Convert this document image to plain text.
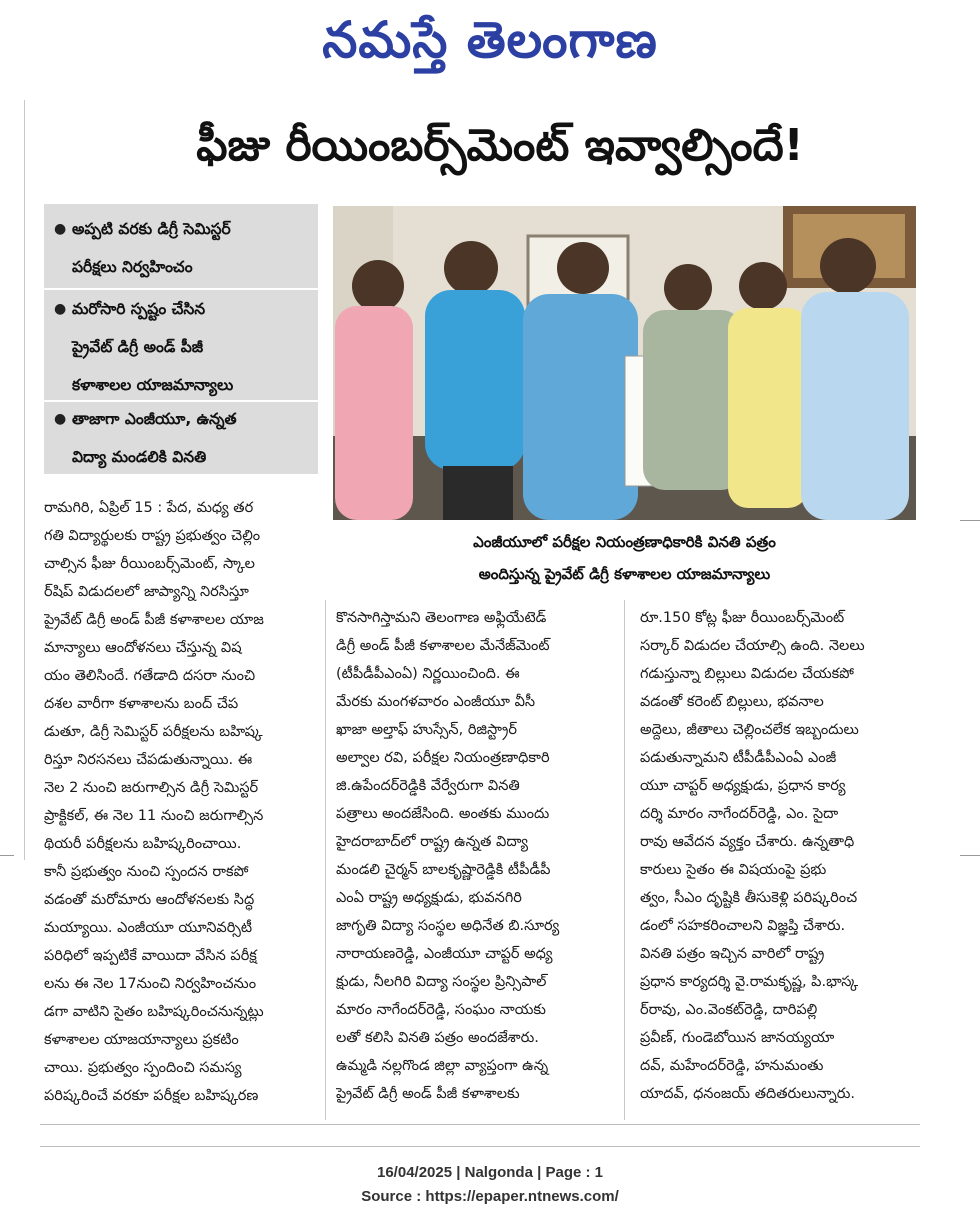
నమస్తే తెలంగాణ
ఫీజు రీయింబర్స్‌మెంట్ ఇవ్వాల్సిందే!
● అప్పటి వరకు డిగ్రీ సెమిస్టర్
పరీక్షలు నిర్వహించం
● మరోసారి స్పష్టం చేసిన
ప్రైవేట్ డిగ్రీ అండ్ పీజీ
కళాశాలల యాజమాన్యాలు
● తాజాగా ఎంజీయూ, ఉన్నత
విద్యా మండలికి వినతి
ఎంజీయూలో పరీక్షల నియంత్రణాధికారికి వినతి పత్రం
అందిస్తున్న ప్రైవేట్ డిగ్రీ కళాశాలల యాజమాన్యాలు
రామగిరి, ఏప్రిల్ 15 : పేద, మధ్య తర
గతి విద్యార్థులకు రాష్ట్ర ప్రభుత్వం చెల్లిం
చాల్సిన ఫీజు రీయింబర్స్‌మెంట్, స్కాల
ర్‌షిప్ విడుదలలో జాప్యాన్ని నిరసిస్తూ
ప్రైవేట్ డిగ్రీ అండ్ పీజీ కళాశాలల యాజ
మాన్యాలు ఆందోళనలు చేస్తున్న విష
యం తెలిసిందే. గతేడాది దసరా నుంచి
దశల వారీగా కళాశాలను బంద్ చేప
డుతూ, డిగ్రీ సెమిస్టర్ పరీక్షలను బహిష్క
రిస్తూ నిరసనలు చేపడుతున్నాయి. ఈ
నెల 2 నుంచి జరుగాల్సిన డిగ్రీ సెమిస్టర్
ప్రాక్టికల్, ఈ నెల 11 నుంచి జరుగాల్సిన
థియరీ పరీక్షలను బహిష్కరించాయి.
కానీ ప్రభుత్వం నుంచి స్పందన రాకపో
వడంతో మరోమారు ఆందోళనలకు సిద్ధ
మయ్యాయి. ఎంజీయూ యూనివర్సిటీ
పరిధిలో ఇప్పటికే వాయిదా వేసిన పరీక్ష
లను ఈ నెల 17నుంచి నిర్వహించనుం
డగా వాటిని సైతం బహిష్కరించనున్నట్లు
కళాశాలల యాజయాన్యాలు ప్రకటిం
చాయి. ప్రభుత్వం స్పందించి సమస్య
పరిష్కరించే వరకూ పరీక్షల బహిష్కరణ
కొనసాగిస్తామని తెలంగాణ అఫ్లియేటెడ్
డిగ్రీ అండ్ పీజీ కళాశాలల మేనేజ్‌మెంట్
(టీపీడీపీఎంఏ) నిర్ణయించింది. ఈ
మేరకు మంగళవారం ఎంజీయూ వీసీ
ఖాజా అల్తాఫ్ హుస్సేన్, రిజిస్ట్రార్
అల్వాల రవి, పరీక్షల నియంత్రణాధికారి
జి.ఉపేందర్‌రెడ్డికి వేర్వేరుగా వినతి
పత్రాలు అందజేసింది. అంతకు ముందు
హైదరాబాద్‌లో రాష్ట్ర ఉన్నత విద్యా
మండలి చైర్మన్ బాలకృష్ణారెడ్డికి టీపీడీపీ
ఎంఏ రాష్ట్ర అధ్యక్షుడు, భువనగిరి
జాగృతి విద్యా సంస్థల అధినేత బి.సూర్య
నారాయణరెడ్డి, ఎంజీయూ చాప్టర్ అధ్య
క్షుడు, నీలగిరి విద్యా సంస్థల ప్రిన్సిపాల్
మారం నాగేందర్‌రెడ్డి, సంఘం నాయకు
లతో కలిసి వినతి పత్రం అందజేశారు.
ఉమ్మడి నల్లగొండ జిల్లా వ్యాప్తంగా ఉన్న
ప్రైవేట్ డిగ్రీ అండ్ పీజీ కళాశాలకు
రూ.150 కోట్ల ఫీజు రీయింబర్స్‌మెంట్
సర్కార్ విడుదల చేయాల్సి ఉంది. నెలలు
గడుస్తున్నా బిల్లులు విడుదల చేయకపో
వడంతో కరెంట్ బిల్లులు, భవనాల
అద్దెలు, జీతాలు చెల్లించలేక ఇబ్బందులు
పడుతున్నామని టీపీడీపీఎంఏ ఎంజీ
యూ చాప్టర్ అధ్యక్షుడు, ప్రధాన కార్య
దర్శి మారం నాగేందర్‌రెడ్డి, ఎం. సైదా
రావు ఆవేదన వ్యక్తం చేశారు. ఉన్నతాధి
కారులు సైతం ఈ విషయంపై ప్రభు
త్వం, సీఎం దృష్టికి తీసుకెళ్లి పరిష్కరించ
డంలో సహకరించాలని విజ్ఞప్తి చేశారు.
వినతి పత్రం ఇచ్చిన వారిలో రాష్ట్ర
ప్రధాన కార్యదర్శి వై.రామకృష్ణ, పి.భాస్క
ర్‌రావు, ఎం.వెంకట్‌రెడ్డి, దారిపల్లి
ప్రవీణ్, గుండెబోయిన జానయ్యయా
దవ్, మహేందర్‌రెడ్డి, హనుమంతు
యాదవ్, ధనంజయ్ తదితరులున్నారు.
16/04/2025 | Nalgonda | Page : 1
Source : https://epaper.ntnews.com/
